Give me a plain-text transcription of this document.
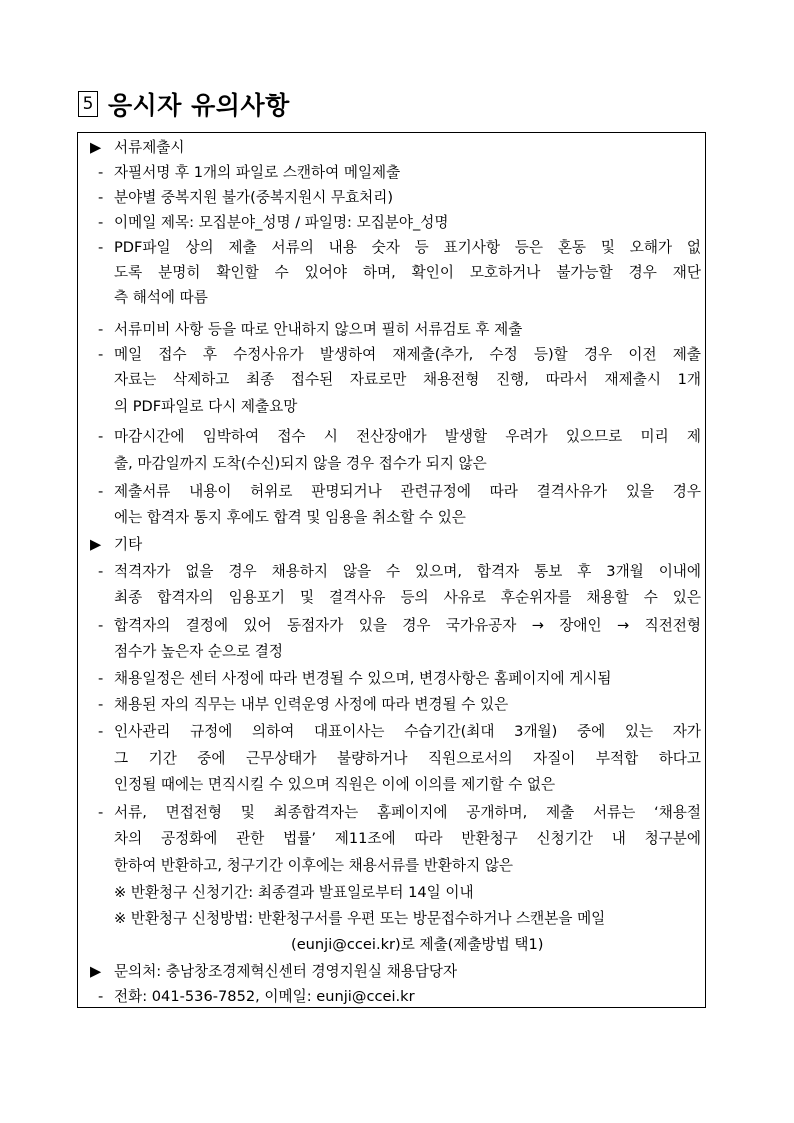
5 응시자 유의사항
▶ 서류제출시
- 자필서명 후 1개의 파일로 스캔하여 메일제출
- 분야별 중복지원 불가(중복지원시 무효처리)
- 이메일 제목: 모집분야_성명 / 파일명: 모집분야_성명
- PDF파일 상의 제출 서류의 내용 숫자 등 표기사항 등은 혼동 및 오해가 없
도록 분명히 확인할 수 있어야 하며, 확인이 모호하거나 불가능할 경우 재단
측 해석에 따름
- 서류미비 사항 등을 따로 안내하지 않으며 필히 서류검토 후 제출
- 메일 접수 후 수정사유가 발생하여 재제출(추가, 수정 등)할 경우 이전 제출
자료는 삭제하고 최종 접수된 자료로만 채용전형 진행, 따라서 재제출시 1개
의 PDF파일로 다시 제출요망
- 마감시간에 임박하여 접수 시 전산장애가 발생할 우려가 있으므로 미리 제
출, 마감일까지 도착(수신)되지 않을 경우 접수가 되지 않은
- 제출서류 내용이 허위로 판명되거나 관련규정에 따라 결격사유가 있을 경우
에는 합격자 통지 후에도 합격 및 임용을 취소할 수 있은
▶ 기타
- 적격자가 없을 경우 채용하지 않을 수 있으며, 합격자 통보 후 3개월 이내에
최종 합격자의 임용포기 및 결격사유 등의 사유로 후순위자를 채용할 수 있은
- 합격자의 결정에 있어 동점자가 있을 경우 국가유공자 → 장애인 → 직전전형
점수가 높은자 순으로 결정
- 채용일정은 센터 사정에 따라 변경될 수 있으며, 변경사항은 홈페이지에 게시됨
- 채용된 자의 직무는 내부 인력운영 사정에 따라 변경될 수 있은
- 인사관리 규정에 의하여 대표이사는 수습기간(최대 3개월) 중에 있는 자가
그 기간 중에 근무상태가 불량하거나 직원으로서의 자질이 부적합 하다고
인정될 때에는 면직시킬 수 있으며 직원은 이에 이의를 제기할 수 없은
- 서류, 면접전형 및 최종합격자는 홈페이지에 공개하며, 제출 서류는 ‘채용절
차의 공정화에 관한 법률’ 제11조에 따라 반환청구 신청기간 내 청구분에
한하여 반환하고, 청구기간 이후에는 채용서류를 반환하지 않은
※ 반환청구 신청기간: 최종결과 발표일로부터 14일 이내
※ 반환청구 신청방법: 반환청구서를 우편 또는 방문접수하거나 스캔본을 메일
(eunji@ccei.kr)로 제출(제출방법 택1)
▶ 문의처: 충남창조경제혁신센터 경영지원실 채용담당자
- 전화: 041-536-7852, 이메일: eunji@ccei.kr
